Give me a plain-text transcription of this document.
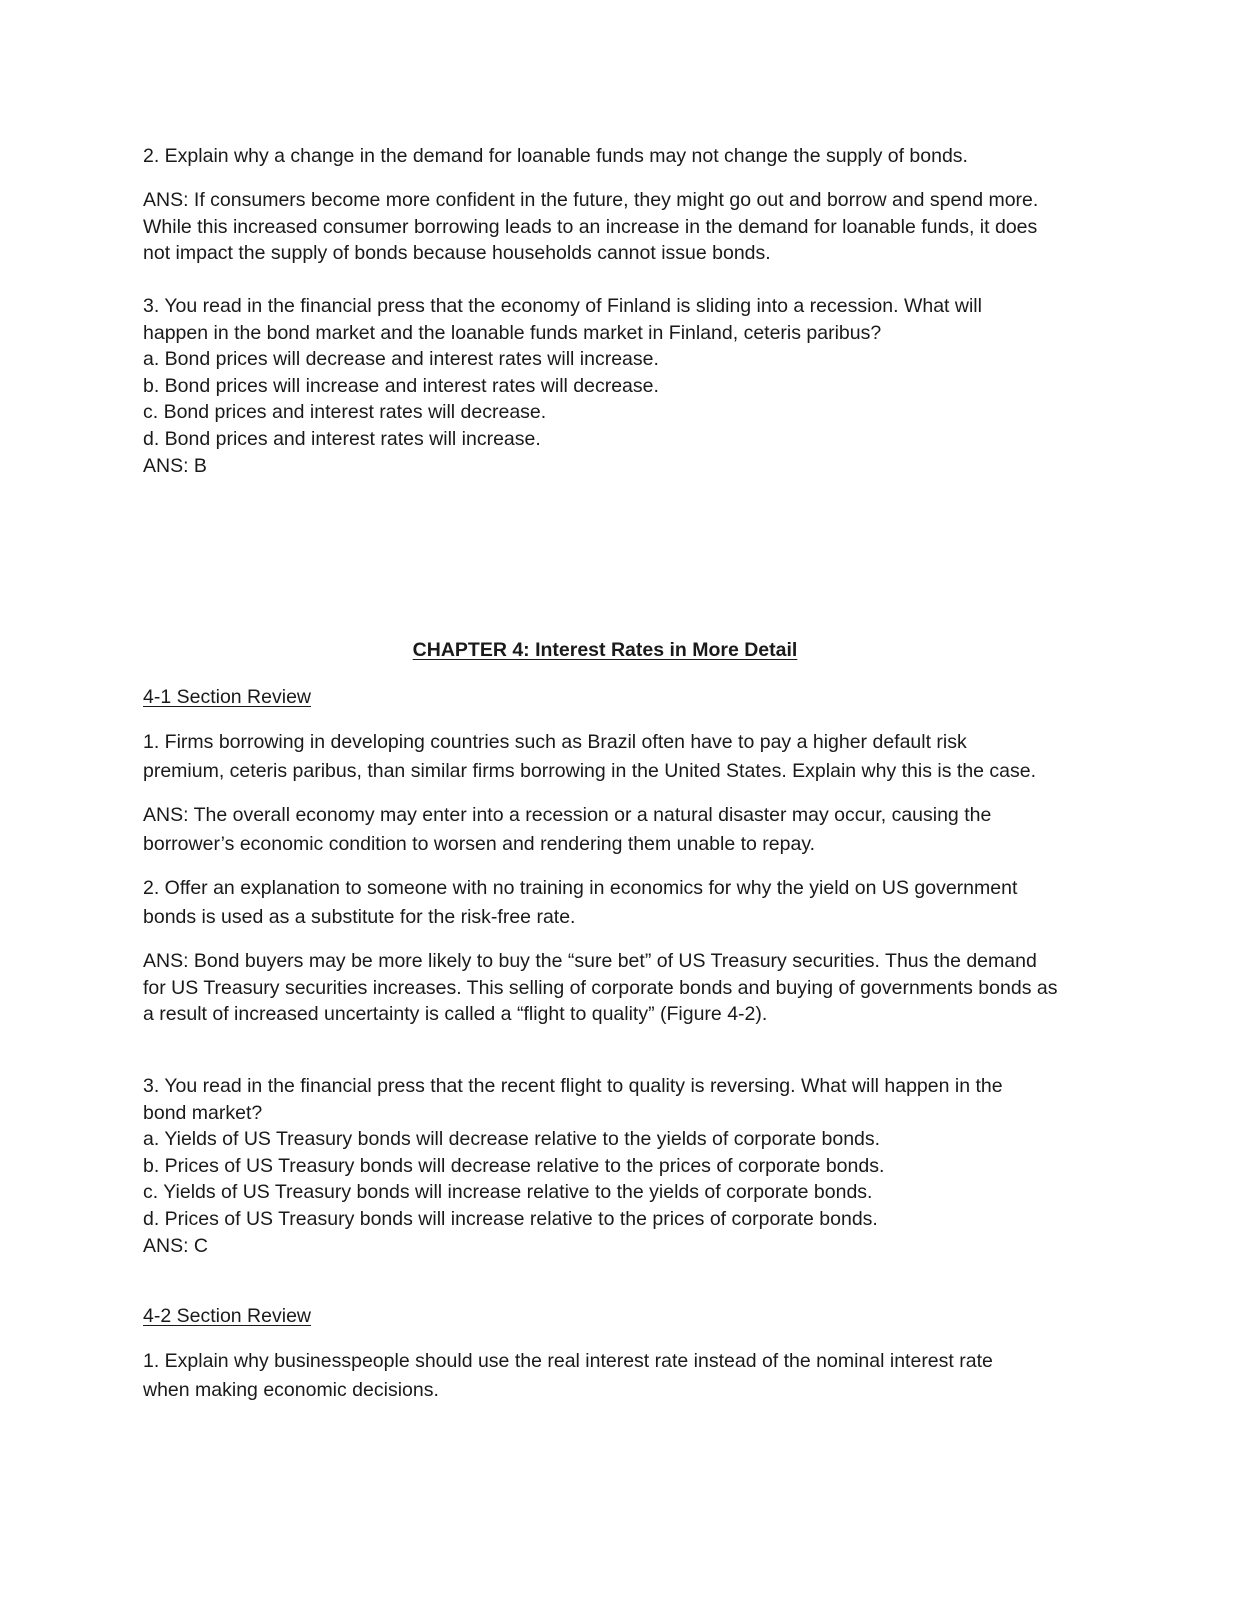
2. Explain why a change in the demand for loanable funds may not change the supply of bonds.

ANS: If consumers become more confident in the future, they might go out and borrow and spend more.
While this increased consumer borrowing leads to an increase in the demand for loanable funds, it does
not impact the supply of bonds because households cannot issue bonds.

3. You read in the financial press that the economy of Finland is sliding into a recession. What will
happen in the bond market and the loanable funds market in Finland, ceteris paribus?
a. Bond prices will decrease and interest rates will increase.
b. Bond prices will increase and interest rates will decrease.
c. Bond prices and interest rates will decrease.
d. Bond prices and interest rates will increase.
ANS: B

CHAPTER 4: Interest Rates in More Detail

4-1 Section Review

1. Firms borrowing in developing countries such as Brazil often have to pay a higher default risk
premium, ceteris paribus, than similar firms borrowing in the United States. Explain why this is the case.

ANS: The overall economy may enter into a recession or a natural disaster may occur, causing the
borrower’s economic condition to worsen and rendering them unable to repay.

2. Offer an explanation to someone with no training in economics for why the yield on US government
bonds is used as a substitute for the risk-free rate.

ANS: Bond buyers may be more likely to buy the “sure bet” of US Treasury securities. Thus the demand
for US Treasury securities increases. This selling of corporate bonds and buying of governments bonds as
a result of increased uncertainty is called a “flight to quality” (Figure 4-2).

3. You read in the financial press that the recent flight to quality is reversing. What will happen in the
bond market?
a. Yields of US Treasury bonds will decrease relative to the yields of corporate bonds.
b. Prices of US Treasury bonds will decrease relative to the prices of corporate bonds.
c. Yields of US Treasury bonds will increase relative to the yields of corporate bonds.
d. Prices of US Treasury bonds will increase relative to the prices of corporate bonds.
ANS: C

4-2 Section Review

1. Explain why businesspeople should use the real interest rate instead of the nominal interest rate
when making economic decisions.
